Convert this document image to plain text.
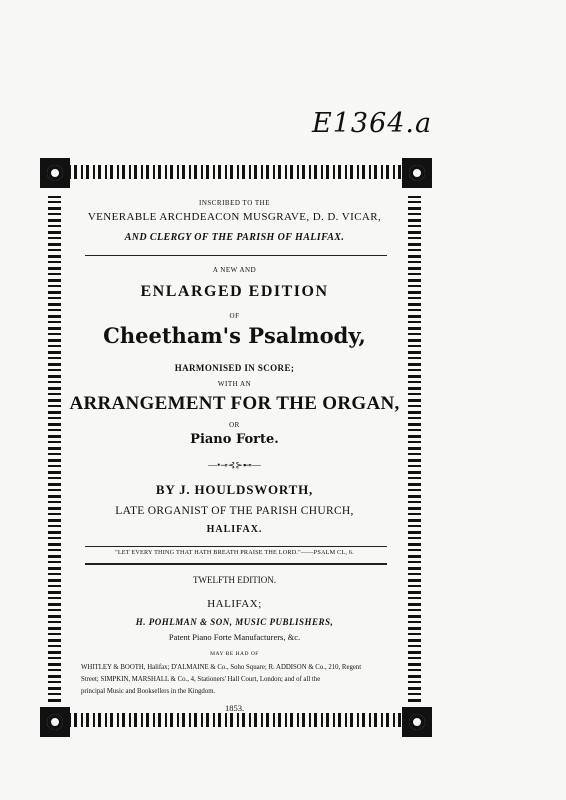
E1364.a
INSCRIBED TO THE
VENERABLE ARCHDEACON MUSGRAVE, D. D. VICAR,
AND CLERGY OF THE PARISH OF HALIFAX.
A NEW AND
ENLARGED EDITION
OF
Cheetham's Psalmody,
HARMONISED IN SCORE;
WITH AN
ARRANGEMENT FOR THE ORGAN,
OR
Piano Forte.
—•⊸⊰⊱⊷—
BY J. HOULDSWORTH,
LATE ORGANIST OF THE PARISH CHURCH,
HALIFAX.
"LET EVERY THING THAT HATH BREATH PRAISE THE LORD."——PSALM CL, 6.
TWELFTH EDITION.
HALIFAX;
H. POHLMAN & SON, MUSIC PUBLISHERS,
Patent Piano Forte Manufacturers, &c.
MAY BE HAD OF
WHITLEY & BOOTH, Halifax; D'ALMAINE & Co., Soho Square; R. ADDISON & Co., 210, Regent
Street; SIMPKIN, MARSHALL & Co., 4, Stationers' Hall Court, London; and of all the
principal Music and Booksellers in the Kingdom.
1853.
